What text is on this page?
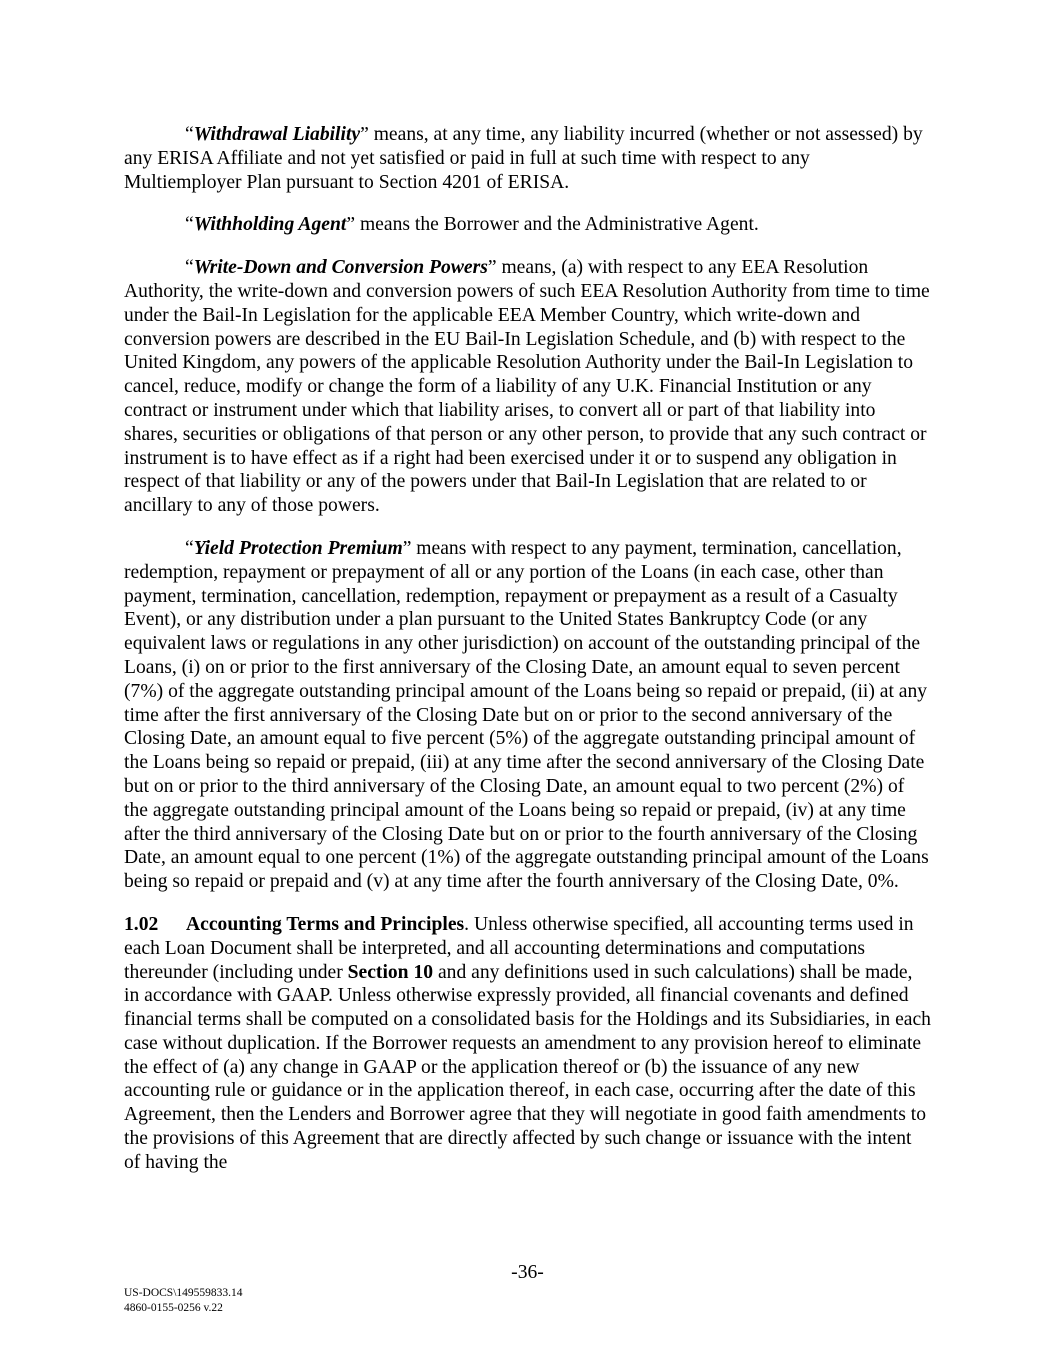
“Withdrawal Liability” means, at any time, any liability incurred (whether or not assessed) by any ERISA Affiliate and not yet satisfied or paid in full at such time with respect to any Multiemployer Plan pursuant to Section 4201 of ERISA.

“Withholding Agent” means the Borrower and the Administrative Agent.

“Write-Down and Conversion Powers” means, (a) with respect to any EEA Resolution Authority, the write-down and conversion powers of such EEA Resolution Authority from time to time under the Bail-In Legislation for the applicable EEA Member Country, which write-down and conversion powers are described in the EU Bail-In Legislation Schedule, and (b) with respect to the United Kingdom, any powers of the applicable Resolution Authority under the Bail-In Legislation to cancel, reduce, modify or change the form of a liability of any U.K. Financial Institution or any contract or instrument under which that liability arises, to convert all or part of that liability into shares, securities or obligations of that person or any other person, to provide that any such contract or instrument is to have effect as if a right had been exercised under it or to suspend any obligation in respect of that liability or any of the powers under that Bail-In Legislation that are related to or ancillary to any of those powers.

“Yield Protection Premium” means with respect to any payment, termination, cancellation, redemption, repayment or prepayment of all or any portion of the Loans (in each case, other than payment, termination, cancellation, redemption, repayment or prepayment as a result of a Casualty Event), or any distribution under a plan pursuant to the United States Bankruptcy Code (or any equivalent laws or regulations in any other jurisdiction) on account of the outstanding principal of the Loans, (i) on or prior to the first anniversary of the Closing Date, an amount equal to seven percent (7%) of the aggregate outstanding principal amount of the Loans being so repaid or prepaid, (ii) at any time after the first anniversary of the Closing Date but on or prior to the second anniversary of the Closing Date, an amount equal to five percent (5%) of the aggregate outstanding principal amount of the Loans being so repaid or prepaid, (iii) at any time after the second anniversary of the Closing Date but on or prior to the third anniversary of the Closing Date, an amount equal to two percent (2%) of the aggregate outstanding principal amount of the Loans being so repaid or prepaid, (iv) at any time after the third anniversary of the Closing Date but on or prior to the fourth anniversary of the Closing Date, an amount equal to one percent (1%) of the aggregate outstanding principal amount of the Loans being so repaid or prepaid and (v) at any time after the fourth anniversary of the Closing Date, 0%.

1.02 Accounting Terms and Principles. Unless otherwise specified, all accounting terms used in each Loan Document shall be interpreted, and all accounting determinations and computations thereunder (including under Section 10 and any definitions used in such calculations) shall be made, in accordance with GAAP. Unless otherwise expressly provided, all financial covenants and defined financial terms shall be computed on a consolidated basis for the Holdings and its Subsidiaries, in each case without duplication. If the Borrower requests an amendment to any provision hereof to eliminate the effect of (a) any change in GAAP or the application thereof or (b) the issuance of any new accounting rule or guidance or in the application thereof, in each case, occurring after the date of this Agreement, then the Lenders and Borrower agree that they will negotiate in good faith amendments to the provisions of this Agreement that are directly affected by such change or issuance with the intent of having the

-36-
US-DOCS\149559833.14
4860-0155-0256 v.22
